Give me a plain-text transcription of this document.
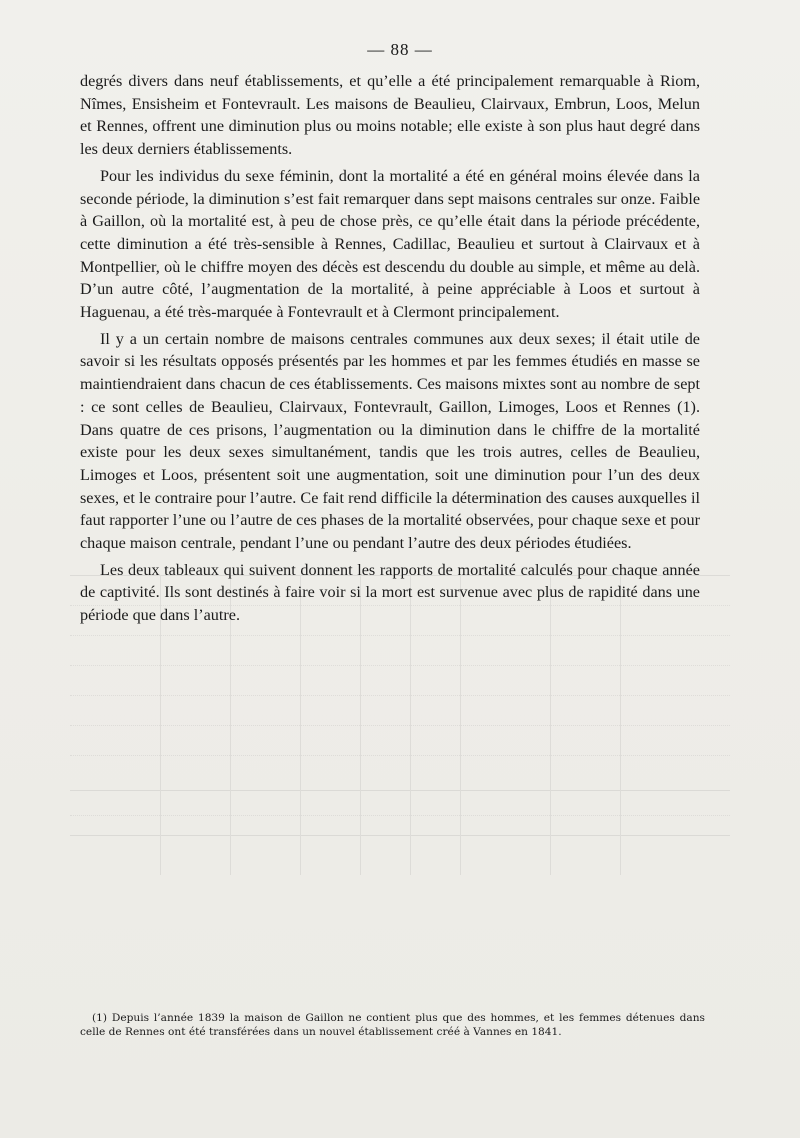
— 88 —

degrés divers dans neuf établissements, et qu’elle a été principalement remarquable à Riom, Nîmes, Ensisheim et Fontevrault. Les maisons de Beaulieu, Clairvaux, Embrun, Loos, Melun et Rennes, offrent une diminution plus ou moins notable; elle existe à son plus haut degré dans les deux derniers établissements.

Pour les individus du sexe féminin, dont la mortalité a été en général moins élevée dans la seconde période, la diminution s’est fait remarquer dans sept maisons centrales sur onze. Faible à Gaillon, où la mortalité est, à peu de chose près, ce qu’elle était dans la période précédente, cette diminution a été très-sensible à Rennes, Cadillac, Beaulieu et surtout à Clairvaux et à Montpellier, où le chiffre moyen des décès est descendu du double au simple, et même au delà. D’un autre côté, l’augmentation de la mortalité, à peine appréciable à Loos et surtout à Haguenau, a été très-marquée à Fontevrault et à Clermont principalement.

Il y a un certain nombre de maisons centrales communes aux deux sexes; il était utile de savoir si les résultats opposés présentés par les hommes et par les femmes étudiés en masse se maintiendraient dans chacun de ces établissements. Ces maisons mixtes sont au nombre de sept : ce sont celles de Beaulieu, Clairvaux, Fontevrault, Gaillon, Limoges, Loos et Rennes (1). Dans quatre de ces prisons, l’augmentation ou la diminution dans le chiffre de la mortalité existe pour les deux sexes simultanément, tandis que les trois autres, celles de Beaulieu, Limoges et Loos, présentent soit une augmentation, soit une diminution pour l’un des deux sexes, et le contraire pour l’autre. Ce fait rend difficile la détermination des causes auxquelles il faut rapporter l’une ou l’autre de ces phases de la mortalité observées, pour chaque sexe et pour chaque maison centrale, pendant l’une ou pendant l’autre des deux périodes étudiées.

Les deux tableaux qui suivent donnent les rapports de mortalité calculés pour chaque année de captivité. Ils sont destinés à faire voir si la mort est survenue avec plus de rapidité dans une période que dans l’autre.

(1) Depuis l’année 1839 la maison de Gaillon ne contient plus que des hommes, et les femmes détenues dans celle de Rennes ont été transférées dans un nouvel établissement créé à Vannes en 1841.
